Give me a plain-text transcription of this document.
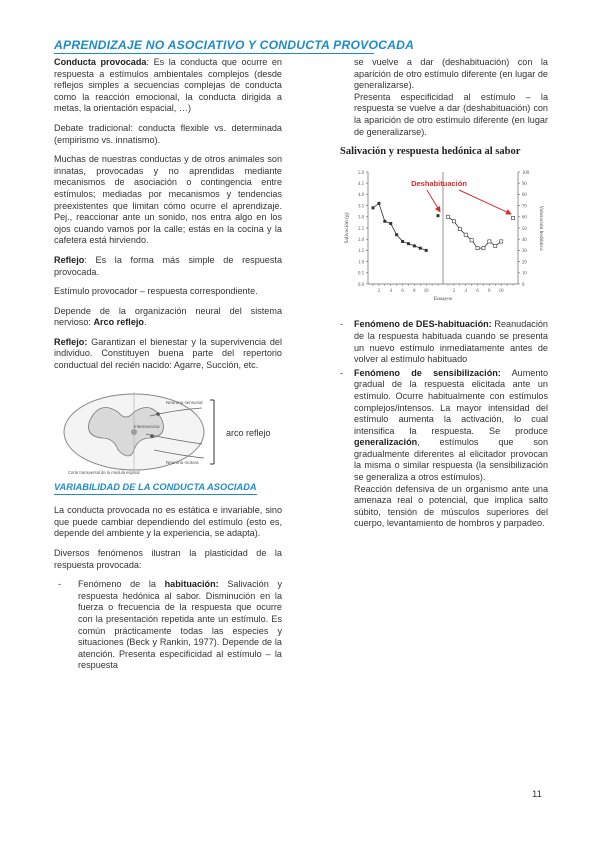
APRENDIZAJE NO ASOCIATIVO Y CONDUCTA PROVOCADA

Conducta provocada: Es la conducta que ocurre en respuesta a estímulos ambientales complejos (desde reflejos simples a secuencias complejas de conducta como la reacción emocional, la conducta dirigida a metas, la orientación espacial, …)

Debate tradicional: conducta flexible vs. determinada (empirismo vs. innatismo).

Muchas de nuestras conductas y de otros animales son innatas, provocadas y no aprendidas mediante mecanismos de asociación o contingencia entre estímulos; mediadas por mecanismos y tendencias preexistentes que limitan cómo ocurre el aprendizaje. Pej., reaccionar ante un sonido, nos entra algo en los ojos cuando vamos por la calle; estás en la cocina y la cafetera está hirviendo.

Reflejo: Es la forma más simple de respuesta provocada.

Estímulo provocador – respuesta correspondiente.

Depende de la organización neural del sistema nervioso: Arco reflejo.

Reflejo: Garantizan el bienestar y la supervivencia del individuo. Constituyen buena parte del repertorio conductual del recién nacido: Agarre, Succión, etc.

Neurona sensorial
Interneurona
Neurona motora
Corte transversal de la médula espinal
arco reflejo
VARIABILIDAD DE LA CONDUCTA ASOCIADA

La conducta provocada no es estática e invariable, sino que puede cambiar dependiendo del estímulo (esto es, depende del ambiente y la experiencia, se adapta).

Diversos fenómenos ilustran la plasticidad de la respuesta provocada:

- Fenómeno de la habituación: Salivación y respuesta hedónica al sabor. Disminución en la fuerza o frecuencia de la respuesta que ocurre con la presentación repetida ante un estímulo. Es común prácticamente todas las especies y situaciones (Beck y Rankin, 1977). Depende de la atención. Presenta especificidad al estímulo – la respuesta

se vuelve a dar (deshabituación) con la aparición de otro estímulo diferente (en lugar de generalizarse).

Presenta especificidad al estímulo – la respuesta se vuelve a dar (deshabituación) con la aparición de otro estímulo diferente (en lugar de generalizarse).

Salivación y respuesta hedónica al sabor
0.0
0.5
1.0
1.5
2.0
2.5
3.0
3.5
4.0
4.5
5.0
0
10
20
30
40
50
60
70
80
90
100
2 4 6 8 10	2 4 6 8 10
Ensayos
Salivación (g)	Valoración hedónica
Deshabituación
- Fenómeno de DES-habituación: Reanudación de la respuesta habituada cuando se presenta un nuevo estímulo inmediatamente antes de volver al estímulo habituado
- Fenómeno de sensibilización: Aumento gradual de la respuesta elicitada ante un estímulo. Ocurre habitualmente con estímulos complejos/intensos. La mayor intensidad del estímulo aumenta la activación, lo cual intensifica la respuesta. Se produce generalización, estímulos que son gradualmente diferentes al elicitador provocan la misma o similar respuesta (la sensibilización se generaliza a otros estímulos).

Reacción defensiva de un organismo ante una amenaza real o potencial, que implica salto súbito, tensión de músculos superiores del cuerpo, levantamiento de hombros y parpadeo.

11
